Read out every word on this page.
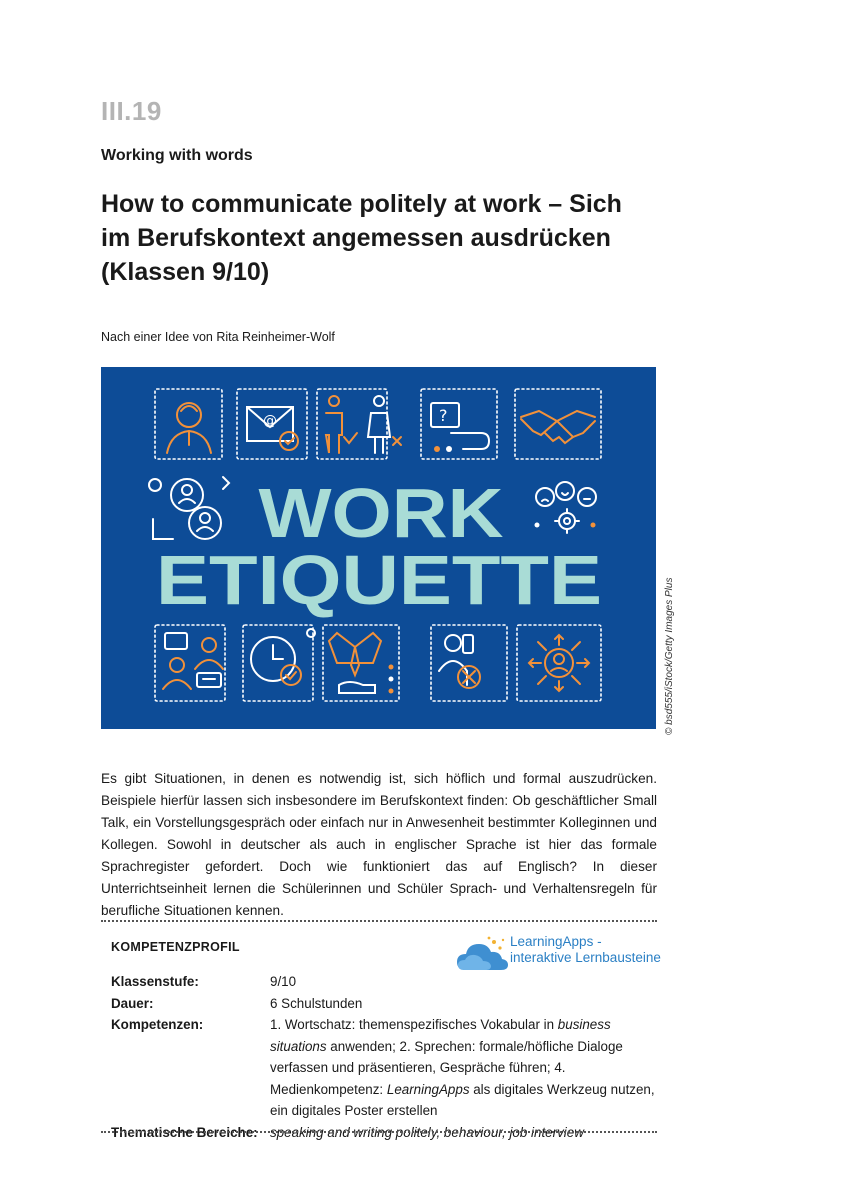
III.19
Working with words
How to communicate politely at work – Sich
im Berufskontext angemessen ausdrücken
(Klassen 9/10)
Nach einer Idee von Rita Reinheimer-Wolf
@	?
WORK
ETIQUETTE	© bsd555/iStock/Getty Images Plus

Es gibt Situationen, in denen es notwendig ist, sich höflich und formal auszudrücken. Beispiele hierfür lassen sich insbesondere im Berufskontext finden: Ob geschäftlicher Small Talk, ein Vorstellungsgespräch oder einfach nur in Anwesenheit bestimmter Kolleginnen und Kollegen. Sowohl in deutscher als auch in englischer Sprache ist hier das formale Sprachregister gefordert. Doch wie funktioniert das auf Englisch? In dieser Unterrichtseinheit lernen die Schülerinnen und Schüler Sprach- und Verhaltensregeln für berufliche Situationen kennen.

KOMPETENZPROFIL	LearningApps -
interaktive Lernbausteine
Klassenstufe:	9/10
Dauer:	6 Schulstunden
Kompetenzen:	1. Wortschatz: themenspezifisches Vokabular in business situations anwenden; 2. Sprechen: formale/höfliche Dialoge verfassen und präsentieren, Gespräche führen; 4. Medienkompetenz: LearningApps als digitales Werkzeug nutzen, ein digitales Poster erstellen
Thematische Bereiche:	speaking and writing politely, behaviour, job interview
